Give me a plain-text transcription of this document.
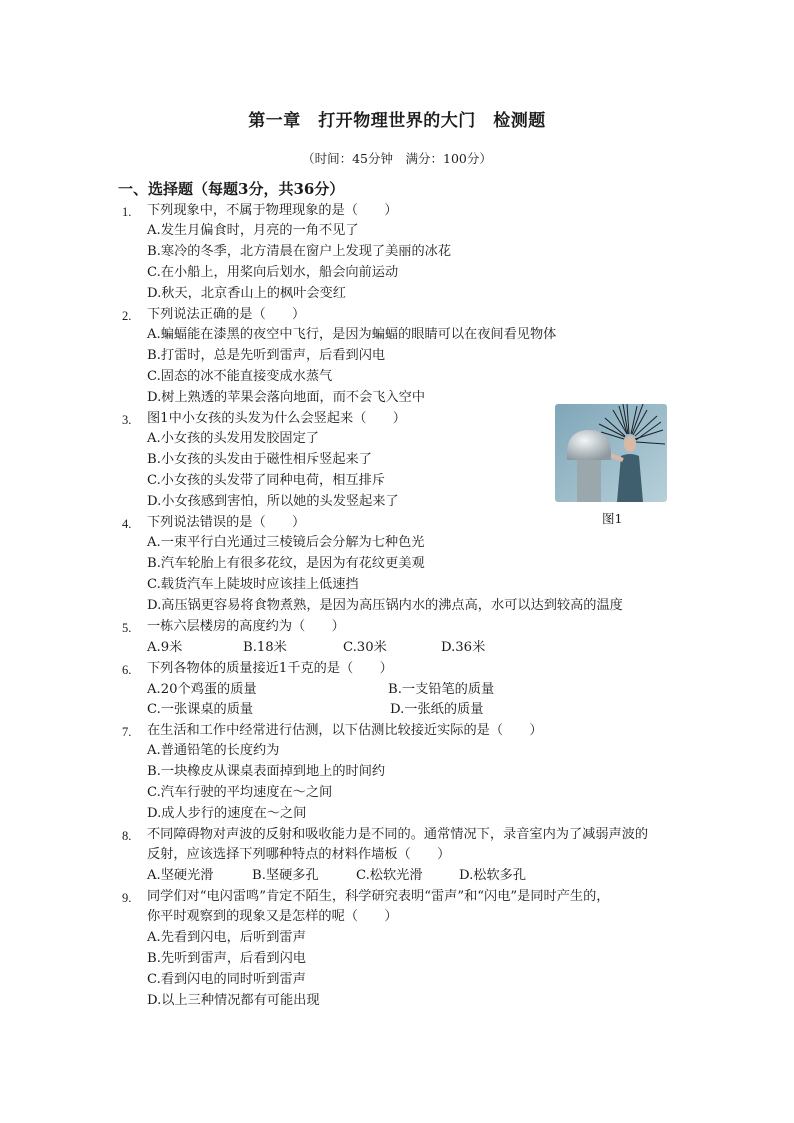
第一章　打开物理世界的大门　检测题
（时间：45分钟　满分：100分）
一、选择题（每题3分，共36分）
1. 下列现象中，不属于物理现象的是（　　）
A.发生月偏食时，月亮的一角不见了
B.寒冷的冬季，北方清晨在窗户上发现了美丽的冰花
C.在小船上，用桨向后划水，船会向前运动
D.秋天，北京香山上的枫叶会变红
2. 下列说法正确的是（　　）
A.蝙蝠能在漆黑的夜空中飞行，是因为蝙蝠的眼睛可以在夜间看见物体
B.打雷时，总是先听到雷声，后看到闪电
C.固态的冰不能直接变成水蒸气
D.树上熟透的苹果会落向地面，而不会飞入空中
3. 图1中小女孩的头发为什么会竖起来（　　）
A.小女孩的头发用发胶固定了
B.小女孩的头发由于磁性相斥竖起来了
C.小女孩的头发带了同种电荷，相互排斥
D.小女孩感到害怕，所以她的头发竖起来了
图1
4. 下列说法错误的是（　　）
A.一束平行白光通过三棱镜后会分解为七种色光
B.汽车轮胎上有很多花纹，是因为有花纹更美观
C.载货汽车上陡坡时应该挂上低速挡
D.高压锅更容易将食物煮熟，是因为高压锅内水的沸点高，水可以达到较高的温度
5. 一栋六层楼房的高度约为（　　）
A.9米	B.18米	C.30米	D.36米
6. 下列各物体的质量接近1千克的是（　　）
A.20个鸡蛋的质量	B.一支铅笔的质量
C.一张课桌的质量	D.一张纸的质量
7. 在生活和工作中经常进行估测，以下估测比较接近实际的是（　　）
A.普通铅笔的长度约为
B.一块橡皮从课桌表面掉到地上的时间约
C.汽车行驶的平均速度在～之间
D.成人步行的速度在～之间
8. 不同障碍物对声波的反射和吸收能力是不同的。通常情况下，录音室内为了减弱声波的
反射，应该选择下列哪种特点的材料作墙板（　　）
A.坚硬光滑	B.坚硬多孔	C.松软光滑	D.松软多孔
9. 同学们对“电闪雷鸣”肯定不陌生，科学研究表明“雷声”和“闪电”是同时产生的，
你平时观察到的现象又是怎样的呢（　　）
A.先看到闪电，后听到雷声
B.先听到雷声，后看到闪电
C.看到闪电的同时听到雷声
D.以上三种情况都有可能出现
